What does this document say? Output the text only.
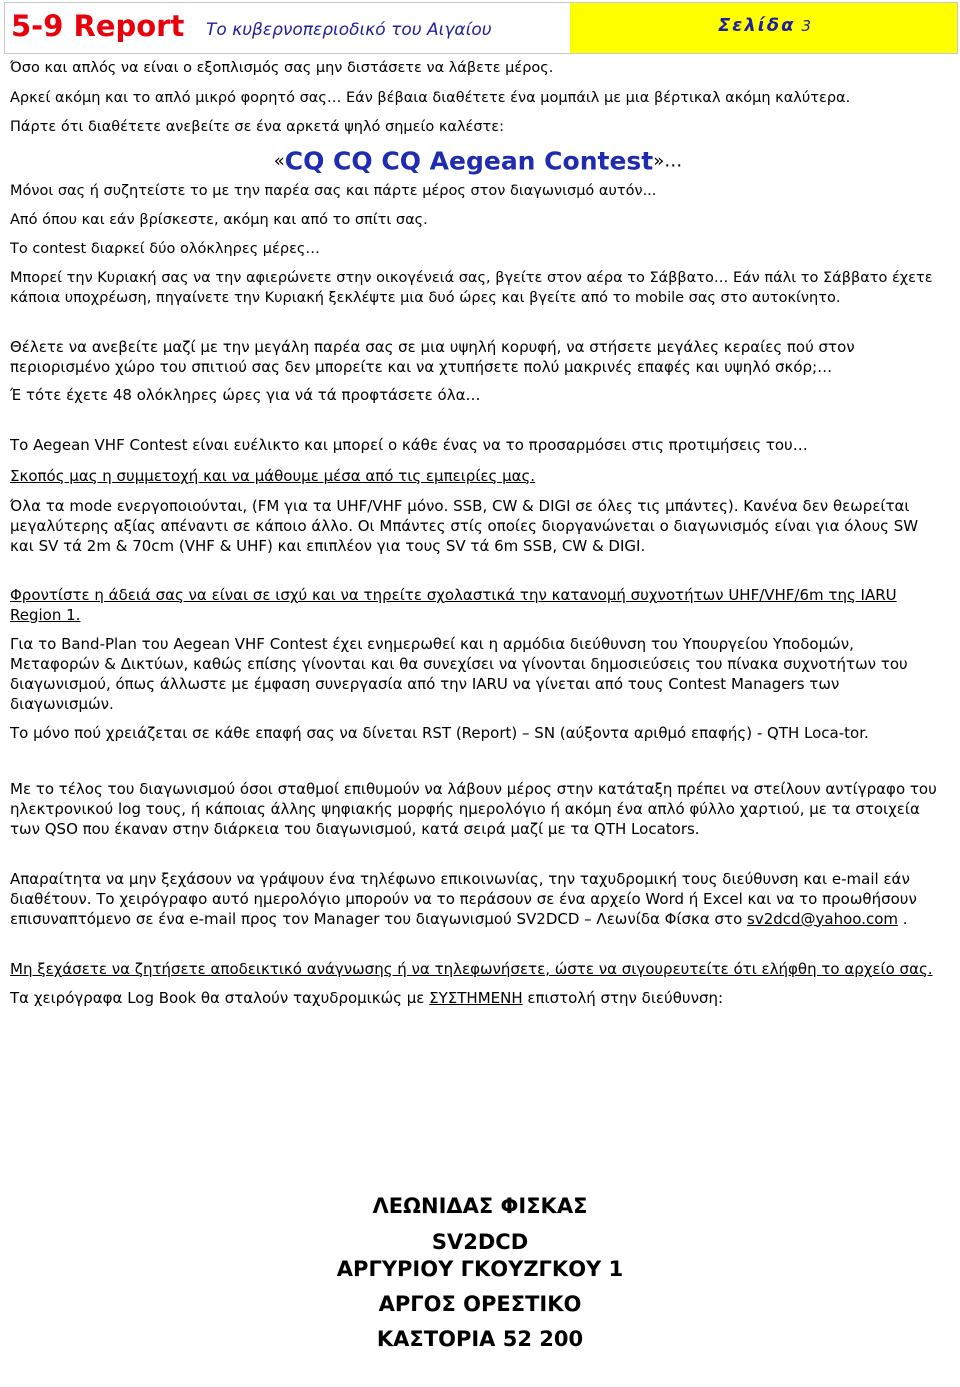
5-9 Report Το κυβερνοπεριοδικό του Αιγαίου	Σελίδα 3

Όσο και απλός να είναι ο εξοπλισμός σας μην διστάσετε να λάβετε μέρος.

Αρκεί ακόμη και το απλό μικρό φορητό σας… Εάν βέβαια διαθέτετε ένα μομπάιλ με μια βέρτικαλ ακόμη καλύτερα.

Πάρτε ότι διαθέτετε ανεβείτε σε ένα αρκετά ψηλό σημείο καλέστε:

«CQ CQ CQ Aegean Contest»…

Μόνοι σας ή συζητείστε το με την παρέα σας και πάρτε μέρος στον διαγωνισμό αυτόν...

Από όπου και εάν βρίσκεστε, ακόμη και από το σπίτι σας.

Το contest διαρκεί δύο ολόκληρες μέρες…

Μπορεί την Κυριακή σας να την αφιερώνετε στην οικογένειά σας, βγείτε στον αέρα το Σάββατο… Εάν πάλι το Σάββατο έχετε κάποια υποχρέωση, πηγαίνετε την Κυριακή ξεκλέψτε μια δυό ώρες και βγείτε από το mobile σας στο αυτοκίνητο.

Θέλετε να ανεβείτε μαζί με την μεγάλη παρέα σας σε μια υψηλή κορυφή, να στήσετε μεγάλες κεραίες πού στον περιορισμένο χώρο του σπιτιού σας δεν μπορείτε και να χτυπήσετε πολύ μακρινές επαφές και υψηλό σκόρ;…

Έ τότε έχετε 48 ολόκληρες ώρες για νά τά προφτάσετε όλα…

Το Aegean VHF Contest είναι ευέλικτο και μπορεί ο κάθε ένας να το προσαρμόσει στις προτιμήσεις του…

Σκοπός μας η συμμετοχή και να μάθουμε μέσα από τις εμπειρίες μας.

Όλα τα mode ενεργοποιούνται, (FM για τα UHF/VHF μόνο. SSB, CW & DIGI σε όλες τις μπάντες). Κανένα δεν θεωρείται μεγαλύτερης αξίας απέναντι σε κάποιο άλλο. Οι Μπάντες στίς οποίες διοργανώνεται ο διαγωνισμός είναι για όλους SW και SV τά 2m & 70cm (VHF & UHF) και επιπλέον για τους SV τά 6m SSB, CW & DIGI.

Φροντίστε η άδειά σας να είναι σε ισχύ και να τηρείτε σχολαστικά την κατανομή συχνοτήτων UHF/VHF/6m της IARU Region 1.

Για το Band-Plan του Aegean VHF Contest έχει ενημερωθεί και η αρμόδια διεύθυνση του Υπουργείου Υποδομών, Μεταφορών & Δικτύων, καθώς επίσης γίνονται και θα συνεχίσει να γίνονται δημοσιεύσεις του πίνακα συχνοτήτων του διαγωνισμού, όπως άλλωστε με έμφαση συνεργασία από την IARU να γίνεται από τους Contest Managers των διαγωνισμών.

Το μόνο πού χρειάζεται σε κάθε επαφή σας να δίνεται RST (Report) – SN (αύξοντα αριθμό επαφής) - QTH Loca-tor.

Με το τέλος του διαγωνισμού όσοι σταθμοί επιθυμούν να λάβουν μέρος στην κατάταξη πρέπει να στείλουν αντίγραφο του ηλεκτρονικού log τους, ή κάποιας άλλης ψηφιακής μορφής ημερολόγιο ή ακόμη ένα απλό φύλλο χαρτιού, με τα στοιχεία των QSO που έκαναν στην διάρκεια του διαγωνισμού, κατά σειρά μαζί με τα QTH Locators.

Απαραίτητα να μην ξεχάσουν να γράψουν ένα τηλέφωνο επικοινωνίας, την ταχυδρομική τους διεύθυνση και e-mail εάν διαθέτουν. Το χειρόγραφο αυτό ημερολόγιο μπορούν να το περάσουν σε ένα αρχείο Word ή Excel και να το προωθήσουν επισυναπτόμενο σε ένα e-mail προς τον Manager του διαγωνισμού SV2DCD – Λεωνίδα Φίσκα στο sv2dcd@yahoo.com .

Μη ξεχάσετε να ζητήσετε αποδεικτικό ανάγνωσης ή να τηλεφωνήσετε, ώστε να σιγουρευτείτε ότι ελήφθη το αρχείο σας.

Τα χειρόγραφα Log Book θα σταλούν ταχυδρομικώς με ΣΥΣΤΗΜΕΝΗ επιστολή στην διεύθυνση:

ΛΕΩΝΙΔΑΣ ΦΙΣΚΑΣ
SV2DCD
ΑΡΓΥΡΙΟΥ ΓΚΟΥΖΓΚΟΥ 1
ΑΡΓΟΣ ΟΡΕΣΤΙΚΟ
ΚΑΣΤΟΡΙΑ 52 200
